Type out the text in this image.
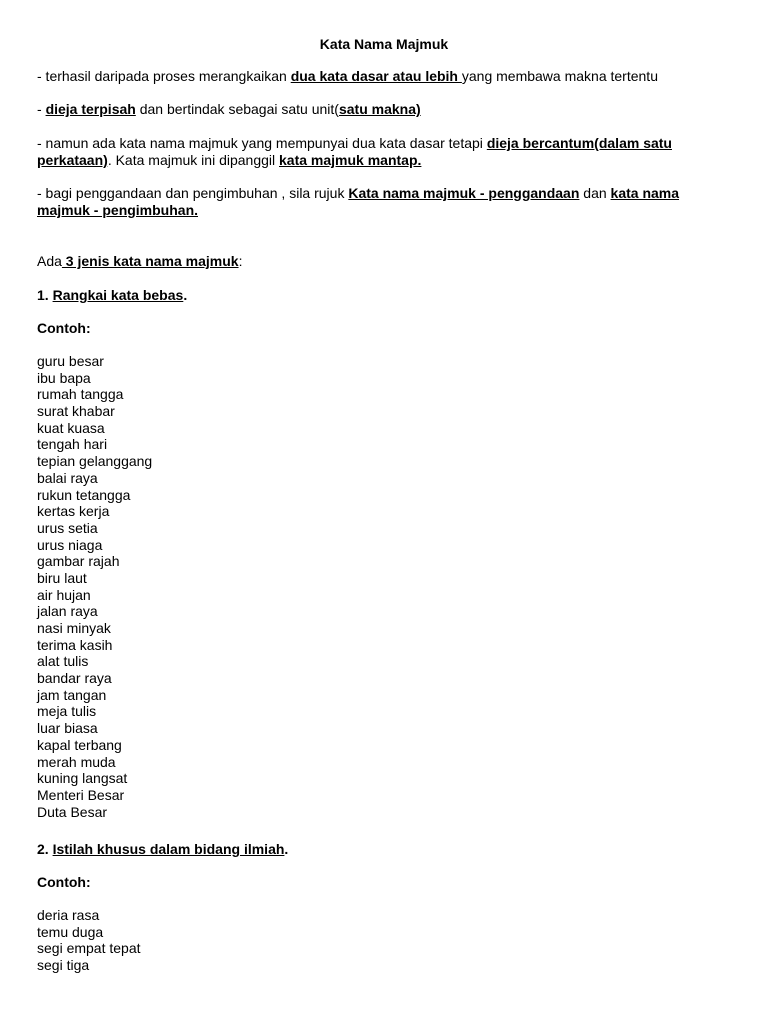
Kata Nama Majmuk
- terhasil daripada proses merangkaikan dua kata dasar atau lebih yang membawa makna tertentu
- dieja terpisah dan bertindak sebagai satu unit(satu makna)
- namun ada kata nama majmuk yang mempunyai dua kata dasar tetapi dieja bercantum(dalam satu perkataan). Kata majmuk ini dipanggil kata majmuk mantap.
- bagi penggandaan dan pengimbuhan , sila rujuk Kata nama majmuk - penggandaan dan kata nama majmuk - pengimbuhan.
Ada 3 jenis kata nama majmuk:
1. Rangkai kata bebas.
Contoh:
guru besar
ibu bapa
rumah tangga
surat khabar
kuat kuasa
tengah hari
tepian gelanggang
balai raya
rukun tetangga
kertas kerja
urus setia
urus niaga
gambar rajah
biru laut
air hujan
jalan raya
nasi minyak
terima kasih
alat tulis
bandar raya
jam tangan
meja tulis
luar biasa
kapal terbang
merah muda
kuning langsat
Menteri Besar
Duta Besar
2. Istilah khusus dalam bidang ilmiah.
Contoh:
deria rasa
temu duga
segi empat tepat
segi tiga
